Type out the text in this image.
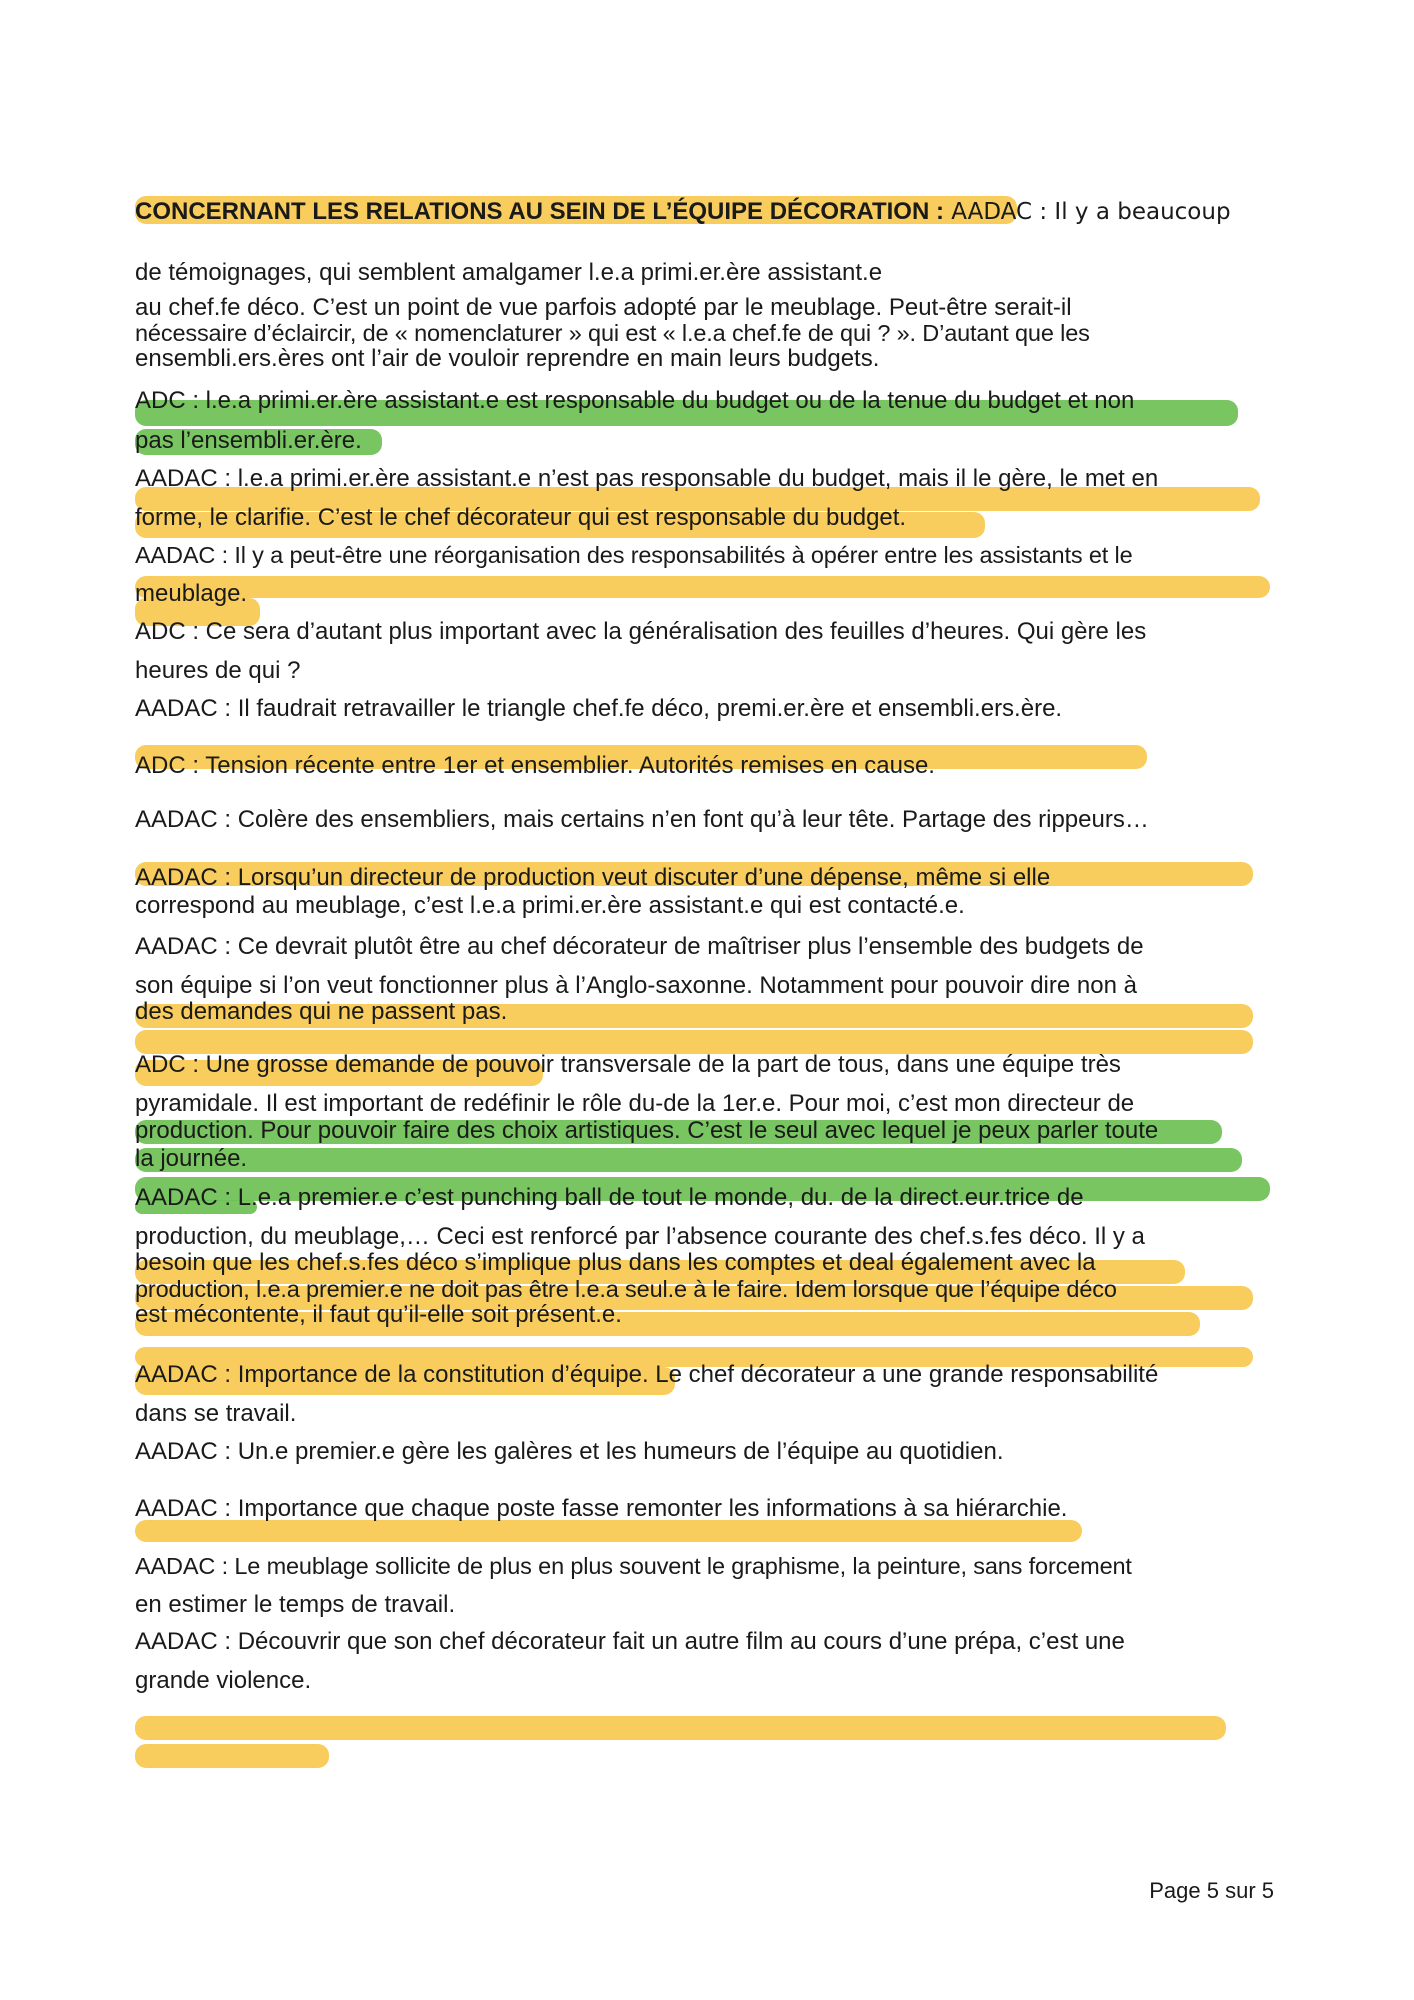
CONCERNANT LES RELATIONS AU SEIN DE L’ÉQUIPE DÉCORATION : AADAC : Il y a beaucoup
de témoignages, qui semblent amalgamer l.e.a primi.er.ère assistant.e
au chef.fe déco. C’est un point de vue parfois adopté par le meublage. Peut-être serait-il
nécessaire d’éclaircir, de « nomenclaturer » qui est « l.e.a chef.fe de qui ? ». D’autant que les
ensembli.ers.ères ont l’air de vouloir reprendre en main leurs budgets.
ADC : l.e.a primi.er.ère assistant.e est responsable du budget ou de la tenue du budget et non
pas l’ensembli.er.ère.
AADAC : l.e.a primi.er.ère assistant.e n’est pas responsable du budget, mais il le gère, le met en
forme, le clarifie. C’est le chef décorateur qui est responsable du budget.
AADAC : Il y a peut-être une réorganisation des responsabilités à opérer entre les assistants et le
meublage.
ADC : Ce sera d’autant plus important avec la généralisation des feuilles d’heures. Qui gère les
heures de qui ?
AADAC : Il faudrait retravailler le triangle chef.fe déco, premi.er.ère et ensembli.ers.ère.
ADC : Tension récente entre 1er et ensemblier. Autorités remises en cause.
AADAC : Colère des ensembliers, mais certains n’en font qu’à leur tête. Partage des rippeurs…
AADAC : Lorsqu’un directeur de production veut discuter d’une dépense, même si elle
correspond au meublage, c’est l.e.a primi.er.ère assistant.e qui est contacté.e.
AADAC : Ce devrait plutôt être au chef décorateur de maîtriser plus l’ensemble des budgets de
son équipe si l’on veut fonctionner plus à l’Anglo-saxonne. Notamment pour pouvoir dire non à
des demandes qui ne passent pas.
ADC : Une grosse demande de pouvoir transversale de la part de tous, dans une équipe très
pyramidale. Il est important de redéfinir le rôle du-de la 1er.e. Pour moi, c’est mon directeur de
production. Pour pouvoir faire des choix artistiques. C’est le seul avec lequel je peux parler toute
la journée.
AADAC : L.e.a premier.e c’est punching ball de tout le monde, du. de la direct.eur.trice de
production, du meublage,… Ceci est renforcé par l’absence courante des chef.s.fes déco. Il y a
besoin que les chef.s.fes déco s’implique plus dans les comptes et deal également avec la
production, l.e.a premier.e ne doit pas être l.e.a seul.e à le faire. Idem lorsque que l’équipe déco
est mécontente, il faut qu’il-elle soit présent.e.
AADAC : Importance de la constitution d’équipe. Le chef décorateur a une grande responsabilité
dans se travail.
AADAC : Un.e premier.e gère les galères et les humeurs de l’équipe au quotidien.
AADAC : Importance que chaque poste fasse remonter les informations à sa hiérarchie.
AADAC : Le meublage sollicite de plus en plus souvent le graphisme, la peinture, sans forcement
en estimer le temps de travail.
AADAC : Découvrir que son chef décorateur fait un autre film au cours d’une prépa, c’est une
grande violence.
Page 5 sur 5
